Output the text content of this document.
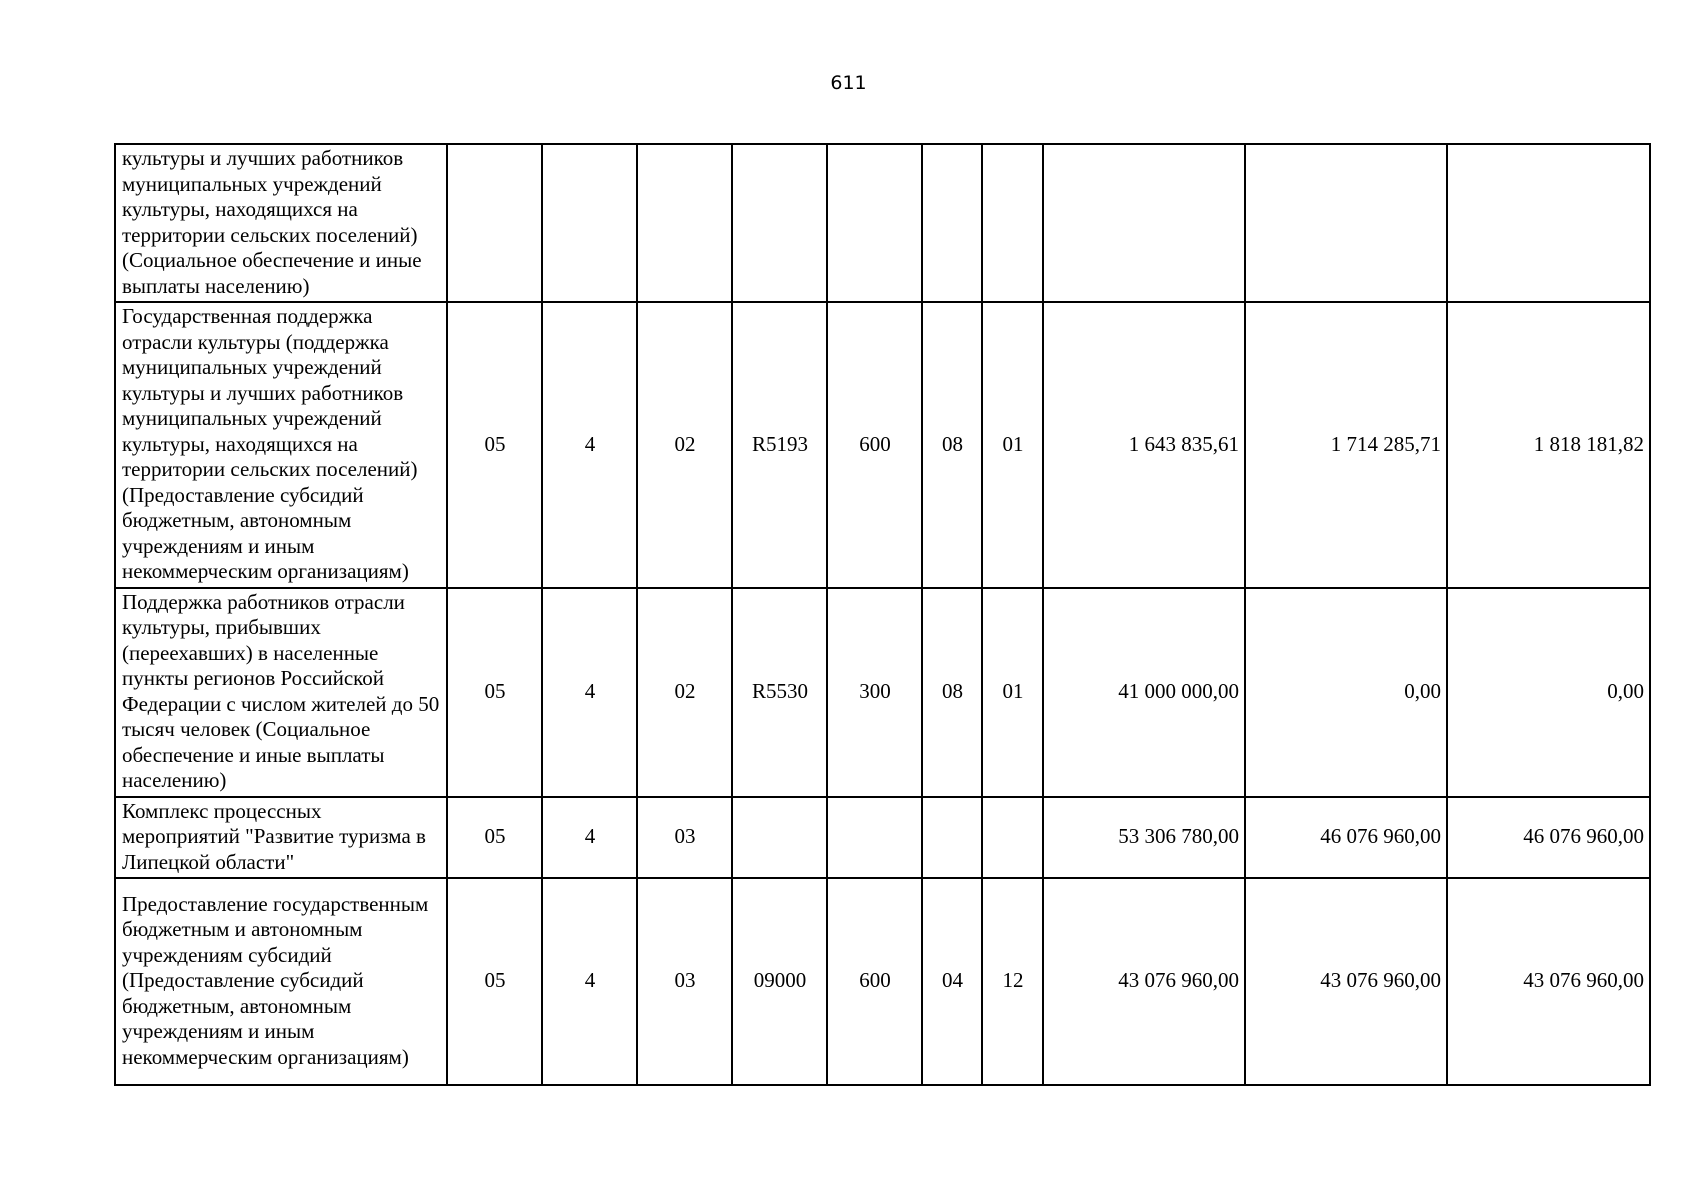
611
культуры и лучших работников муниципальных учреждений культуры, находящихся на территории сельских поселений) (Социальное обеспечение и иные выплаты населению)										
Государственная поддержка отрасли культуры (поддержка муниципальных учреждений культуры и лучших работников муниципальных учреждений культуры, находящихся на территории сельских поселений) (Предоставление субсидий бюджетным, автономным учреждениям и иным некоммерческим организациям)	05	4	02	R5193	600	08	01	1 643 835,61	1 714 285,71	1 818 181,82
Поддержка работников отрасли культуры, прибывших (переехавших) в населенные пункты регионов Российской Федерации с числом жителей до 50 тысяч человек (Социальное обеспечение и иные выплаты населению)	05	4	02	R5530	300	08	01	41 000 000,00	0,00	0,00
Комплекс процессных мероприятий "Развитие туризма в Липецкой области"	05	4	03					53 306 780,00	46 076 960,00	46 076 960,00
Предоставление государственным бюджетным и автономным учреждениям субсидий (Предоставление субсидий бюджетным, автономным учреждениям и иным некоммерческим организациям)	05	4	03	09000	600	04	12	43 076 960,00	43 076 960,00	43 076 960,00
